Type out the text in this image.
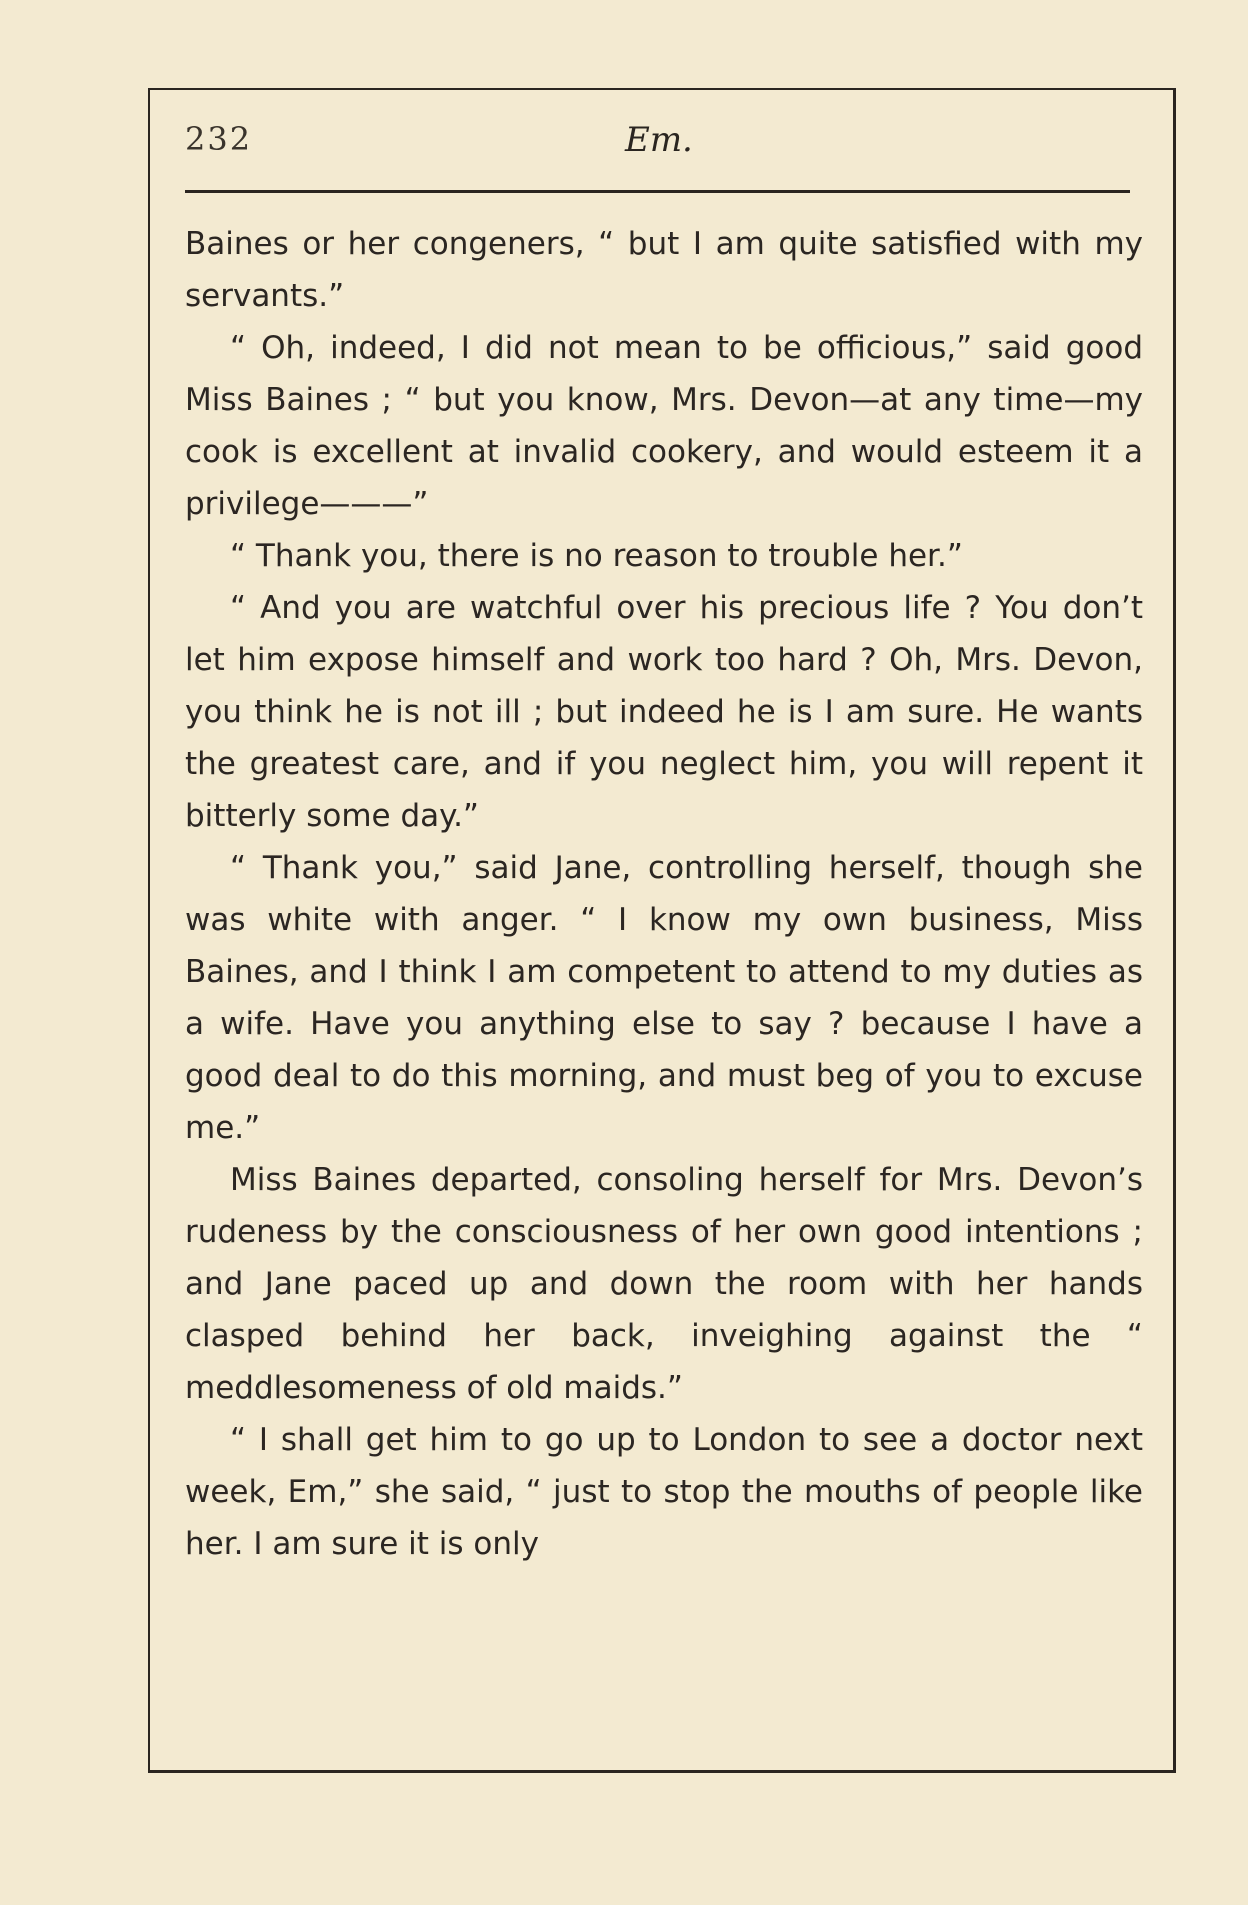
232	Em.

Baines or her congeners, “ but I am quite satisfied with my servants.”

“ Oh, indeed, I did not mean to be officious,” said good Miss Baines ; “ but you know, Mrs. Devon—at any time—my cook is excellent at invalid cookery, and would esteem it a privilege———”

“ Thank you, there is no reason to trouble her.”

“ And you are watchful over his precious life ? You don’t let him expose himself and work too hard ? Oh, Mrs. Devon, you think he is not ill ; but indeed he is I am sure. He wants the greatest care, and if you neglect him, you will repent it bitterly some day.”

“ Thank you,” said Jane, controlling herself, though she was white with anger. “ I know my own business, Miss Baines, and I think I am competent to attend to my duties as a wife. Have you anything else to say ? because I have a good deal to do this morning, and must beg of you to excuse me.”

Miss Baines departed, consoling herself for Mrs. Devon’s rudeness by the consciousness of her own good intentions ; and Jane paced up and down the room with her hands clasped behind her back, inveighing against the “ meddlesomeness of old maids.”

“ I shall get him to go up to London to see a doctor next week, Em,” she said, “ just to stop the mouths of people like her. I am sure it is only
